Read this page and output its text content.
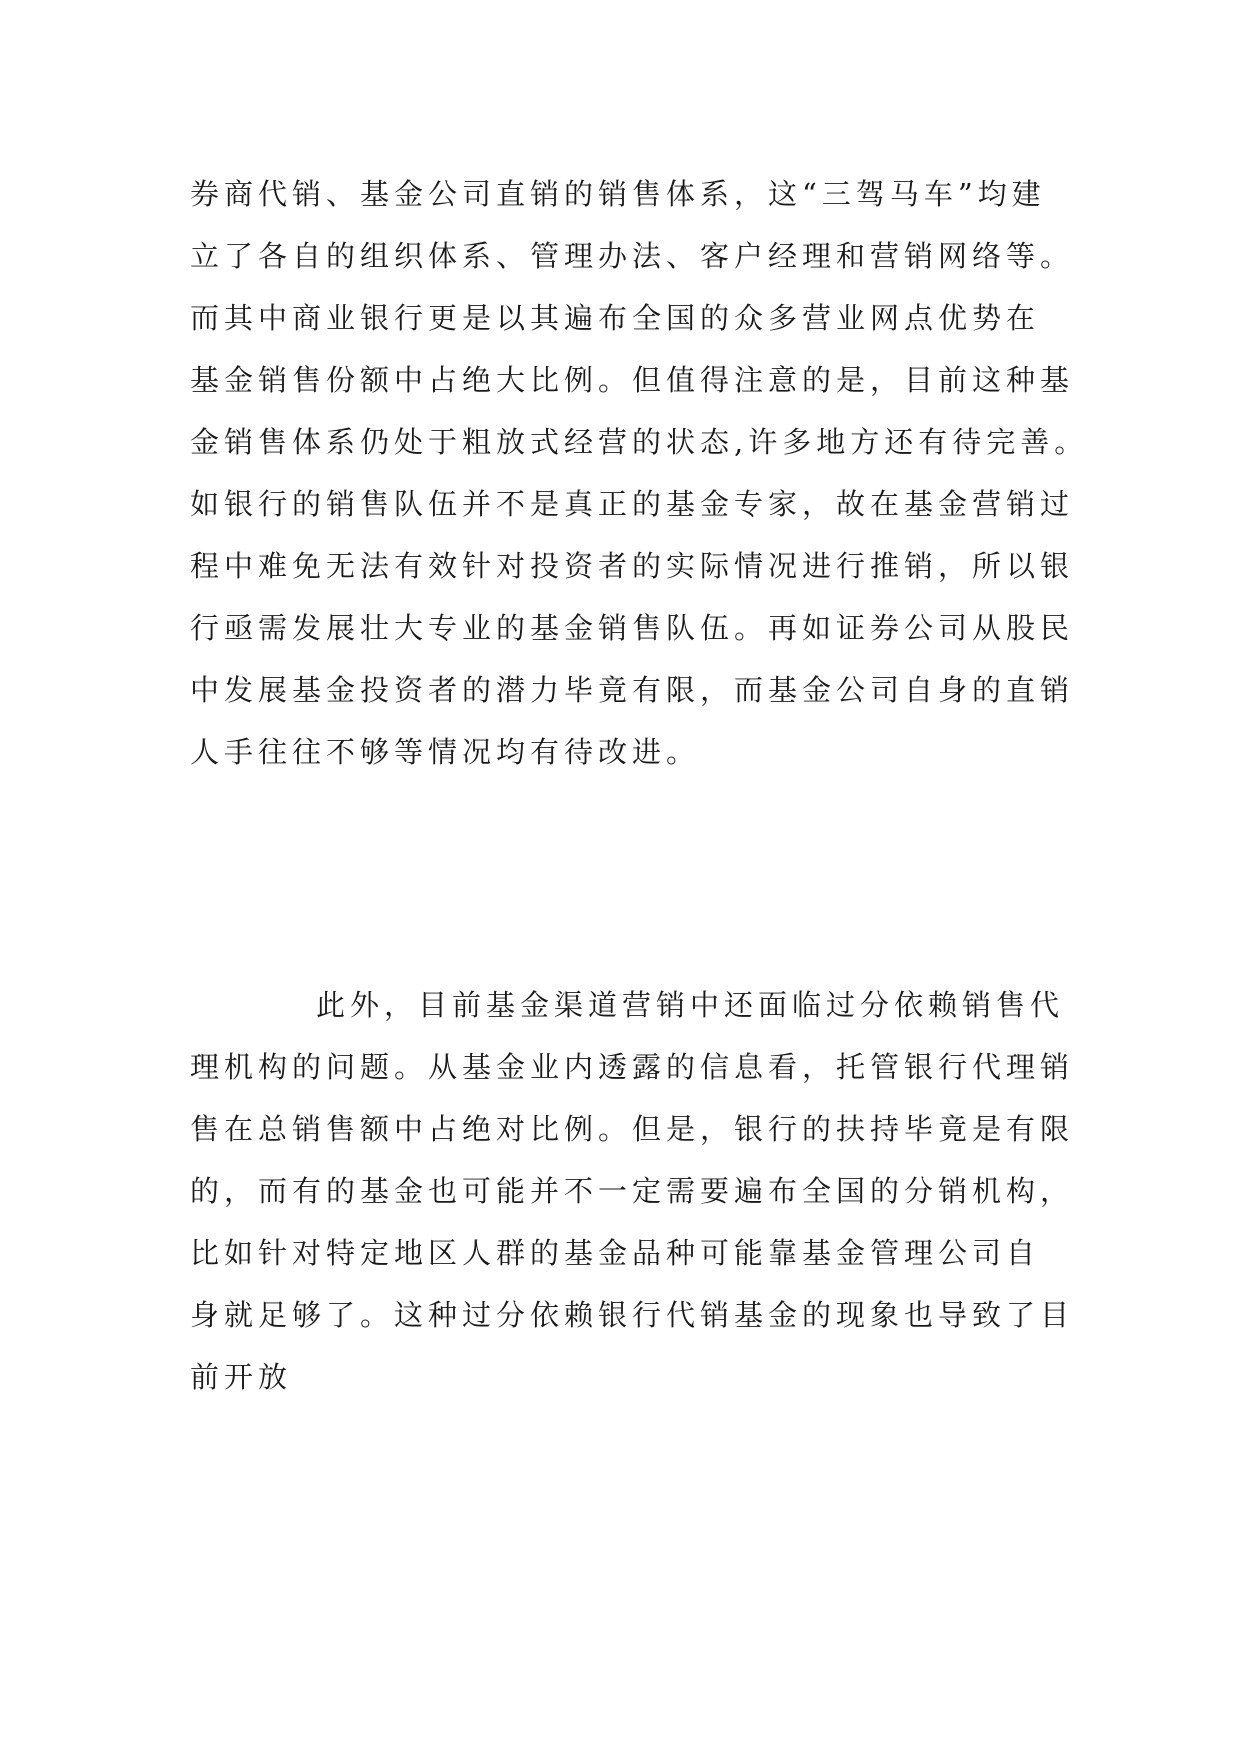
券商代销、基金公司直销的销售体系，这“三驾马车”均建
立了各自的组织体系、管理办法、客户经理和营销网络等。
而其中商业银行更是以其遍布全国的众多营业网点优势在
基金销售份额中占绝大比例。但值得注意的是，目前这种基
金销售体系仍处于粗放式经营的状态,许多地方还有待完善。
如银行的销售队伍并不是真正的基金专家，故在基金营销过
程中难免无法有效针对投资者的实际情况进行推销，所以银
行亟需发展壮大专业的基金销售队伍。再如证券公司从股民
中发展基金投资者的潜力毕竟有限，而基金公司自身的直销
人手往往不够等情况均有待改进。
此外，目前基金渠道营销中还面临过分依赖销售代
理机构的问题。从基金业内透露的信息看，托管银行代理销
售在总销售额中占绝对比例。但是，银行的扶持毕竟是有限
的，而有的基金也可能并不一定需要遍布全国的分销机构，
比如针对特定地区人群的基金品种可能靠基金管理公司自
身就足够了。这种过分依赖银行代销基金的现象也导致了目
前开放
